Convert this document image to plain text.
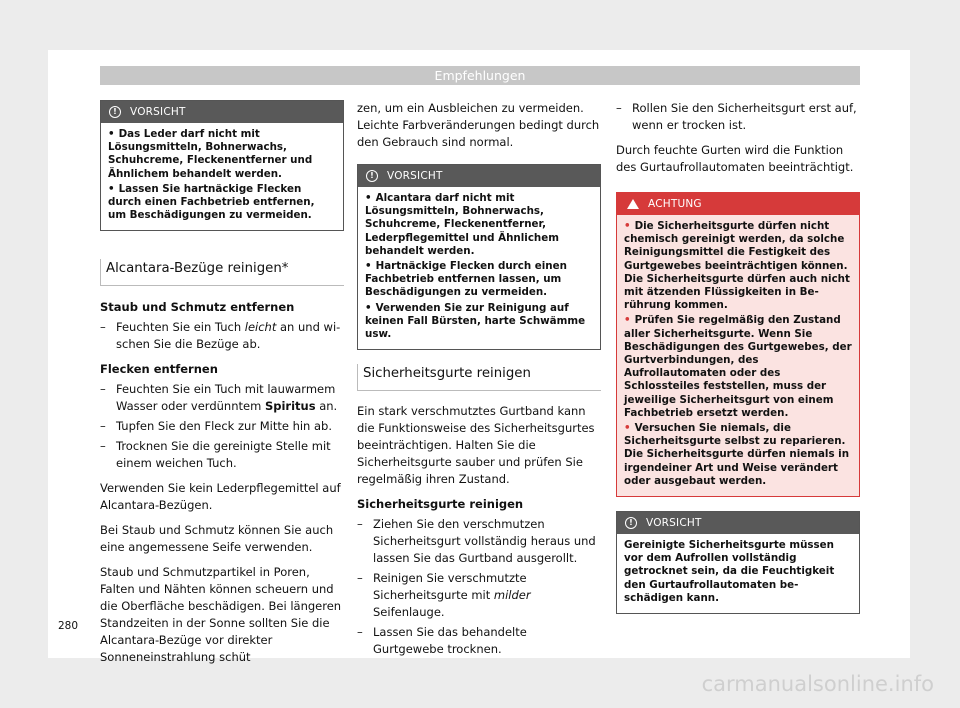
Empfehlungen
! VORSICHT

• Das Leder darf nicht mit Lösungsmitteln, Bohnerwachs, Schuhcreme, Fleckenentferner und Ähnlichem behandelt werden.

• Lassen Sie hartnäckige Flecken durch einen Fachbetrieb entfernen, um Beschädigungen zu vermeiden.

Alcantara-Bezüge reinigen*

Staub und Schmutz entfernen

– Feuchten Sie ein Tuch leicht an und wischen Sie die Bezüge ab.

Flecken entfernen

– Feuchten Sie ein Tuch mit lauwarmem Wasser oder verdünntem Spiritus an.

– Tupfen Sie den Fleck zur Mitte hin ab.

– Trocknen Sie die gereinigte Stelle mit einem weichen Tuch.

Verwenden Sie kein Lederpflegemittel auf Alcantara-Bezügen.

Bei Staub und Schmutz können Sie auch eine angemessene Seife verwenden.

Staub und Schmutzpartikel in Poren, Falten und Nähten können scheuern und die Oberfläche beschädigen. Bei längeren Standzeiten in der Sonne sollten Sie die Alcantara-Bezüge vor direkter Sonneneinstrahlung schüt

zen, um ein Ausbleichen zu vermeiden. Leichte Farbveränderungen bedingt durch den Gebrauch sind normal.

! VORSICHT

• Alcantara darf nicht mit Lösungsmitteln, Bohnerwachs, Schuhcreme, Fleckenentferner, Lederpflegemittel und Ähnlichem behandelt werden.

• Hartnäckige Flecken durch einen Fachbetrieb entfernen lassen, um Beschädigungen zu vermeiden.

• Verwenden Sie zur Reinigung auf keinen Fall Bürsten, harte Schwämme usw.

Sicherheitsgurte reinigen

Ein stark verschmutztes Gurtband kann die Funktionsweise des Sicherheitsgurtes beeinträchtigen. Halten Sie die Sicherheitsgurte sauber und prüfen Sie regelmäßig ihren Zustand.

Sicherheitsgurte reinigen

– Ziehen Sie den verschmutzen Sicherheitsgurt vollständig heraus und lassen Sie das Gurtband ausgerollt.

– Reinigen Sie verschmutzte Sicherheitsgurte mit milder Seifenlauge.

– Lassen Sie das behandelte Gurtgewebe trocknen.

– Rollen Sie den Sicherheitsgurt erst auf, wenn er trocken ist.

Durch feuchte Gurten wird die Funktion des Gurtaufrollautomaten beeinträchtigt.

ACHTUNG

• Die Sicherheitsgurte dürfen nicht chemisch gereinigt werden, da solche Reinigungsmittel die Festigkeit des Gurtgewebes beeinträchtigen können. Die Sicherheitsgurte dürfen auch nicht mit ätzenden Flüssigkeiten in Berührung kommen.

• Prüfen Sie regelmäßig den Zustand aller Sicherheitsgurte. Wenn Sie Beschädigungen des Gurtgewebes, der Gurtverbindungen, des Aufrollautomaten oder des Schlossteiles feststellen, muss der jeweilige Sicherheitsgurt von einem Fachbetrieb ersetzt werden.

• Versuchen Sie niemals, die Sicherheitsgurte selbst zu reparieren. Die Sicherheitsgurte dürfen niemals in irgendeiner Art und Weise verändert oder ausgebaut werden.

! VORSICHT

Gereinigte Sicherheitsgurte müssen vor dem Aufrollen vollständig getrocknet sein, da die Feuchtigkeit den Gurtaufrollautomaten beschädigen kann.

280
carmanualsonline.info
